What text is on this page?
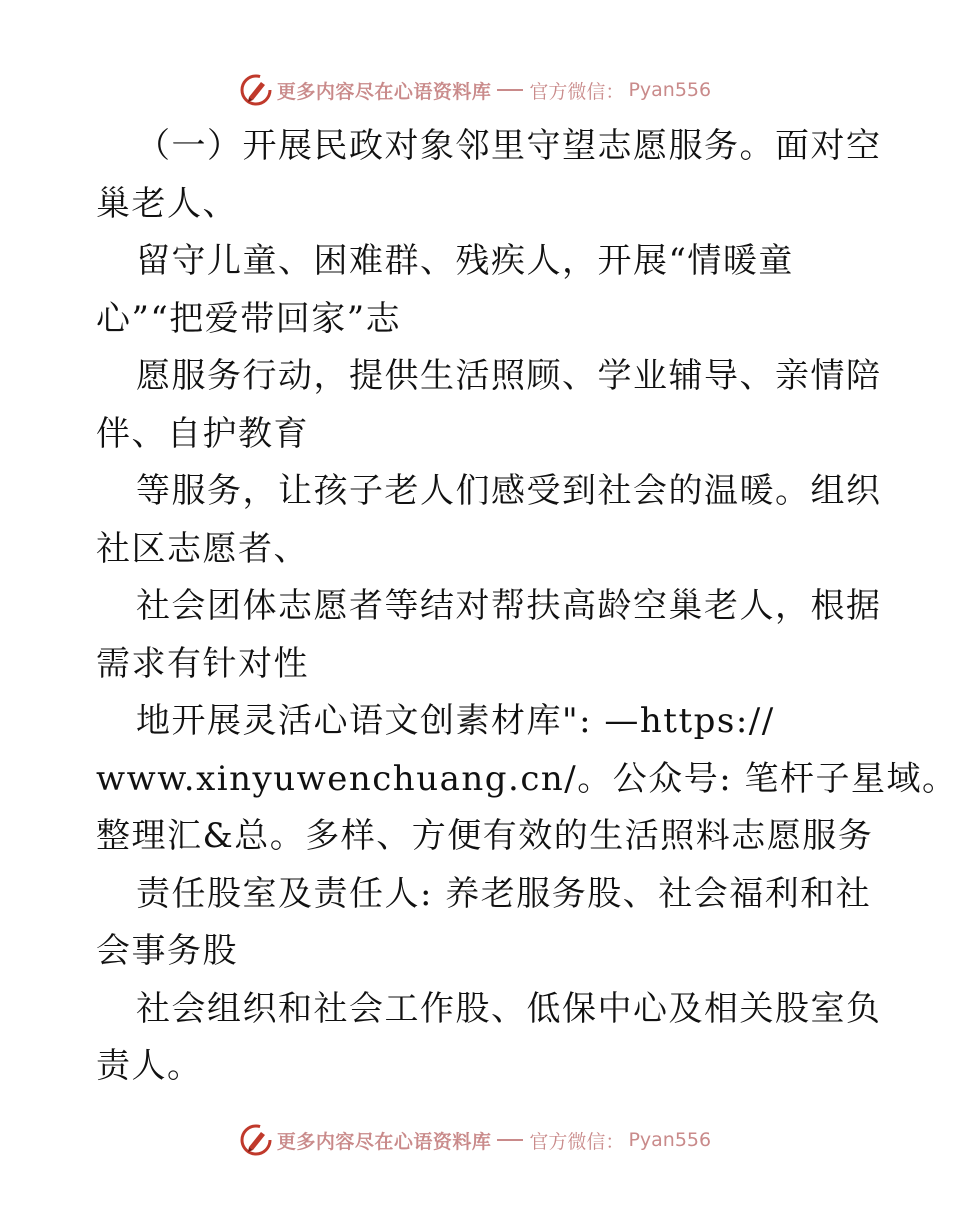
更多内容尽在心语资料库 官方微信： Pyan556
（一）开展民政对象邻里守望志愿服务。面对空
巢老人、
留守儿童、困难群、残疾人，开展“情暖童
心”“把爱带回家”志
愿服务行动，提供生活照顾、学业辅导、亲情陪
伴、自护教育
等服务，让孩子老人们感受到社会的温暖。组织
社区志愿者、
社会团体志愿者等结对帮扶高龄空巢老人，根据
需求有针对性
地开展灵活心语文创素材库": —https://
www.xinyuwenchuang.cn/。公众号: 笔杆子星域。
整理汇&总。多样、方便有效的生活照料志愿服务
责任股室及责任人: 养老服务股、社会福利和社
会事务股
社会组织和社会工作股、低保中心及相关股室负
责人。
更多内容尽在心语资料库 官方微信： Pyan556
